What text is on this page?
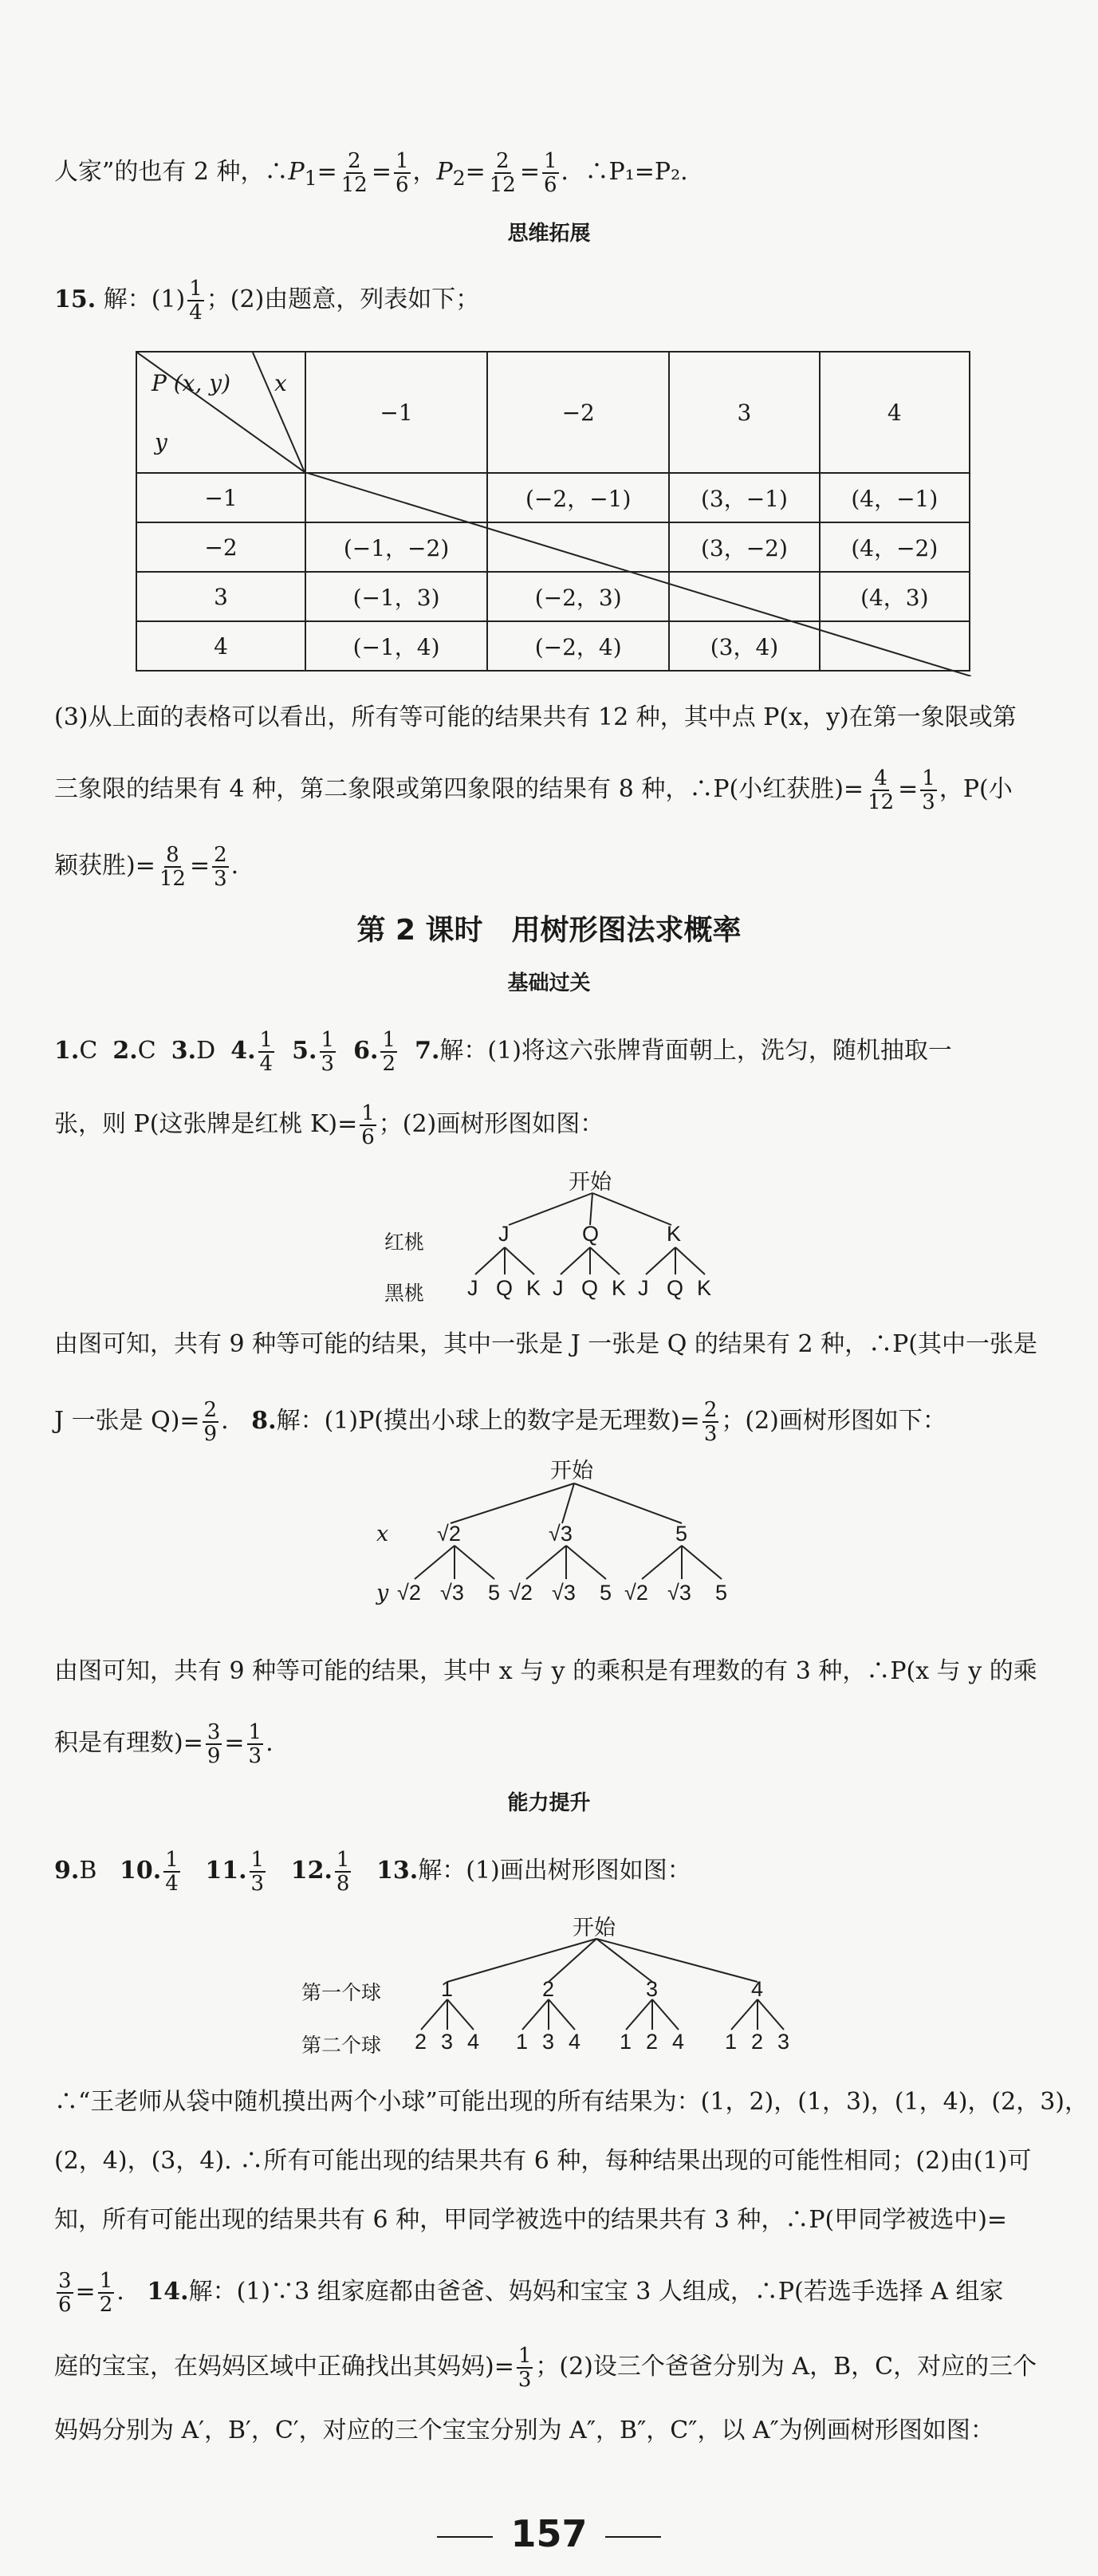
人家”的也有 2 种，$\therefore P_1= \frac{2}{12} = \frac{1}{6}$ ，$P_2= \frac{2}{12} = \frac{1}{6}$ ．∴P₁=P₂.
思维拓展
15. 解：$(1) \frac{1}{4}$ ；(2)由题意，列表如下；
P (x, y) x
y	−1	−2	3	4
−1		(−2，−1)	(3，−1)	(4，−1)
−2	(−1，−2)		(3，−2)	(4，−2)
3	(−1，3)	(−2，3)		(4，3)
4	(−1，4)	(−2，4)	(3，4)	
(3)从上面的表格可以看出，所有等可能的结果共有 12 种，其中点 P(x，y)在第一象限或第
三象限的结果有 4 种，第二象限或第四象限的结果有 8 种，∴P(小红获胜)= $\frac{4}{12} = \frac{1}{3}$ ，P(小
颖获胜)= $\frac{8}{12} = \frac{2}{3}$ .
第 2 课时　用树形图法求概率
基础过关
1.C 2.C 3.D 4. $\frac{1}{4} 5$. $\frac{1}{3} 6$. $\frac{1}{2} 7$.解：(1)将这六张牌背面朝上，洗匀，随机抽取一
张，则 P(这张牌是红桃 $K)= \frac{1}{6}$ ；(2)画树形图如图：
开始
红桃
黑桃
J	Q	K
J Q K J Q K J Q K
由图可知，共有 9 种等可能的结果，其中一张是 J 一张是 Q 的结果有 2 种，∴P(其中一张是
J 一张是 $Q)= \frac{2}{9}$ . 8.解：(1)P(摸出小球上的数字是无理数)= $\frac{2}{3}$ ；(2)画树形图如下：
开始
x
y
√2	√3	5
√2 √3 5 √2 √3 5 √2 √3 5
由图可知，共有 9 种等可能的结果，其中 x 与 y 的乘积是有理数的有 3 种，∴P(x 与 y 的乘
积是有理数)= $\frac{3}{9} = \frac{1}{3}$ .
能力提升
9.B 10. $\frac{1}{4} 11$. $\frac{1}{3} 12$. $\frac{1}{8} 13$.解：(1)画出树形图如图：
开始
第一个球
第二个球
1	2	3	4
2 3 4 1 3 4 1 2 4 1 2 3
∴“王老师从袋中随机摸出两个小球”可能出现的所有结果为：(1，2)，(1，3)，(1，4)，(2，3)，
(2，4)，(3，4). ∴所有可能出现的结果共有 6 种，每种结果出现的可能性相同；(2)由(1)可
知，所有可能出现的结果共有 6 种，甲同学被选中的结果共有 3 种，∴P(甲同学被选中)=
$\frac{3}{6} = \frac{1}{2}$ . 14.解：(1)∵3 组家庭都由爸爸、妈妈和宝宝 3 人组成，∴P(若选手选择 A 组家
庭的宝宝，在妈妈区域中正确找出其妈妈)= $\frac{1}{3}$ ；(2)设三个爸爸分别为 A，B，C，对应的三个
妈妈分别为 A′，B′，C′，对应的三个宝宝分别为 A″，B″，C″，以 A″为例画树形图如图：
157
